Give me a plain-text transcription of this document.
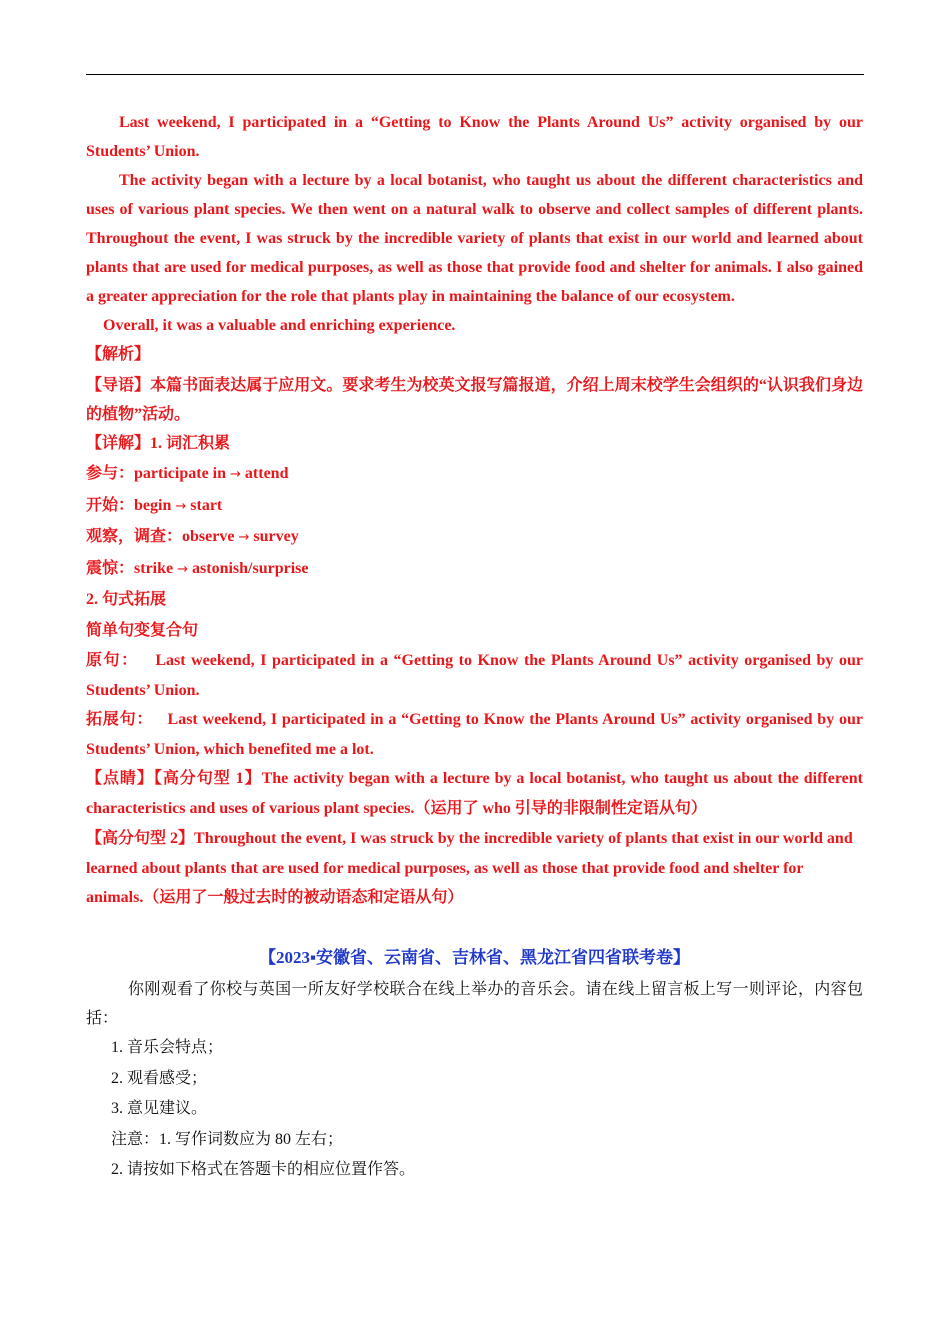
Last weekend, I participated in a “Getting to Know the Plants Around Us” activity organised by our Students’ Union.

The activity began with a lecture by a local botanist, who taught us about the different characteristics and uses of various plant species. We then went on a natural walk to observe and collect samples of different plants. Throughout the event, I was struck by the incredible variety of plants that exist in our world and learned about plants that are used for medical purposes, as well as those that provide food and shelter for animals. I also gained a greater appreciation for the role that plants play in maintaining the balance of our ecosystem.

Overall, it was a valuable and enriching experience.

【解析】

【导语】本篇书面表达属于应用文。要求考生为校英文报写篇报道，介绍上周末校学生会组织的“认识我们身边的植物”活动。

【详解】1. 词汇积累

参与：participate in → attend

开始：begin → start

观察，调查：observe → survey

震惊：strike → astonish/surprise

2. 句式拓展

简单句变复合句

原句： Last weekend, I participated in a “Getting to Know the Plants Around Us” activity organised by our Students’ Union.

拓展句： Last weekend, I participated in a “Getting to Know the Plants Around Us” activity organised by our Students’ Union, which benefited me a lot.

【点睛】【高分句型 1】The activity began with a lecture by a local botanist, who taught us about the different characteristics and uses of various plant species.（运用了 who 引导的非限制性定语从句）

【高分句型 2】Throughout the event, I was struck by the incredible variety of plants that exist in our world and learned about plants that are used for medical purposes, as well as those that provide food and shelter for animals.（运用了一般过去时的被动语态和定语从句）

【2023▪安徽省、云南省、吉林省、黑龙江省四省联考卷】

你刚观看了你校与英国一所友好学校联合在线上举办的音乐会。请在线上留言板上写一则评论，内容包括：

1. 音乐会特点；

2. 观看感受；

3. 意见建议。

注意：1. 写作词数应为 80 左右；

2. 请按如下格式在答题卡的相应位置作答。
